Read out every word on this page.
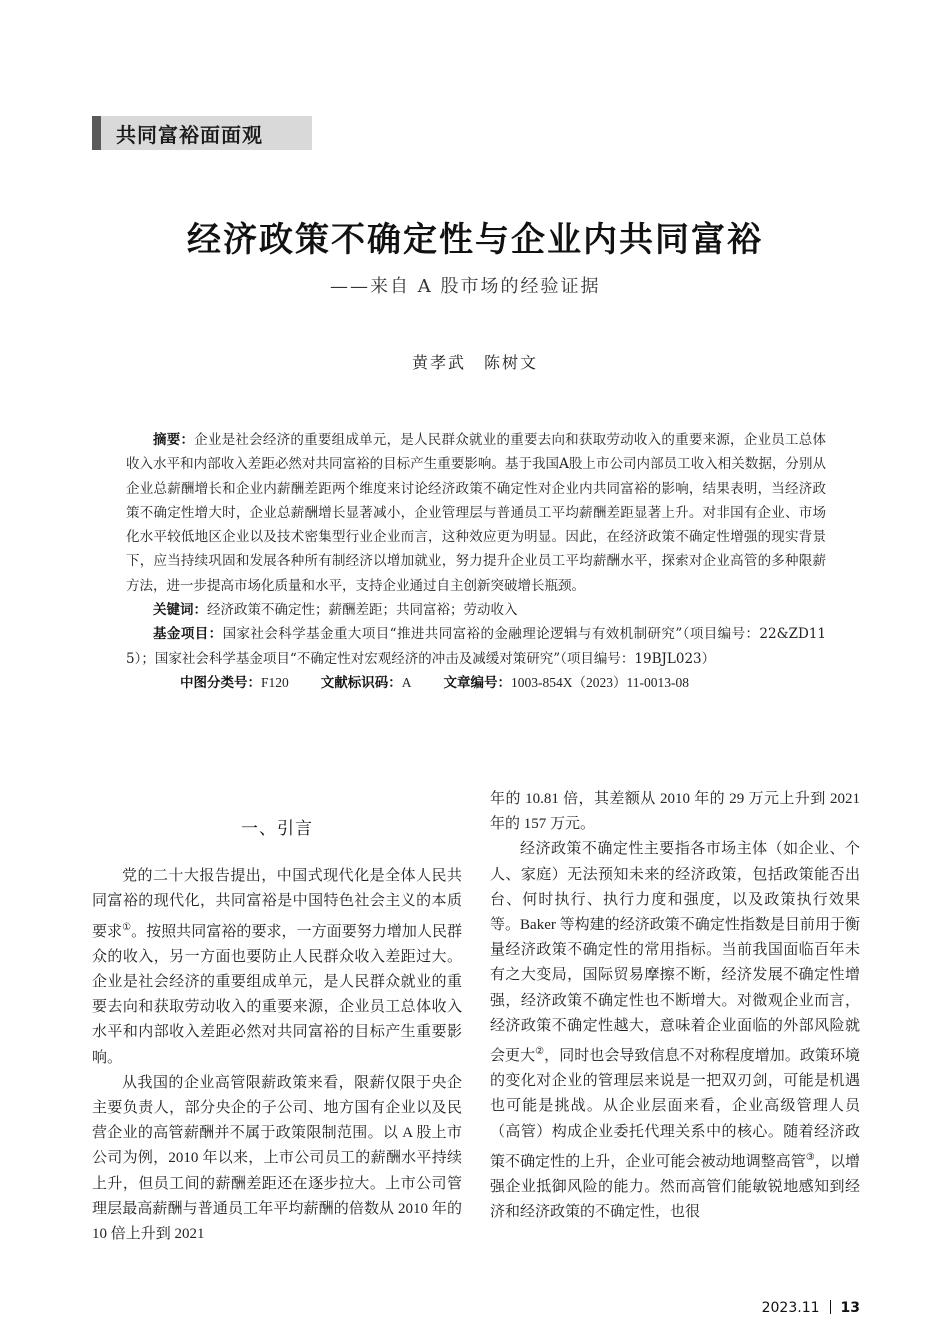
共同富裕面面观
经济政策不确定性与企业内共同富裕
——来自 A 股市场的经验证据
黄孝武　陈树文

摘要：企业是社会经济的重要组成单元，是人民群众就业的重要去向和获取劳动收入的重要来源，企业员工总体收入水平和内部收入差距必然对共同富裕的目标产生重要影响。基于我国A股上市公司内部员工收入相关数据，分别从企业总薪酬增长和企业内薪酬差距两个维度来讨论经济政策不确定性对企业内共同富裕的影响，结果表明，当经济政策不确定性增大时，企业总薪酬增长显著减小，企业管理层与普通员工平均薪酬差距显著上升。对非国有企业、市场化水平较低地区企业以及技术密集型行业企业而言，这种效应更为明显。因此，在经济政策不确定性增强的现实背景下，应当持续巩固和发展各种所有制经济以增加就业，努力提升企业员工平均薪酬水平，探索对企业高管的多种限薪方法，进一步提高市场化质量和水平，支持企业通过自主创新突破增长瓶颈。

关键词：经济政策不确定性；薪酬差距；共同富裕；劳动收入

基金项目：国家社会科学基金重大项目“推进共同富裕的金融理论逻辑与有效机制研究”（项目编号：22&ZD115）；国家社会科学基金项目“不确定性对宏观经济的冲击及减缓对策研究”（项目编号：19BJL023）

中图分类号：F120 文献标识码：A 文章编号：1003-854X（2023）11-0013-08

一、引言

党的二十大报告提出，中国式现代化是全体人民共同富裕的现代化，共同富裕是中国特色社会主义的本质要求①。按照共同富裕的要求，一方面要努力增加人民群众的收入，另一方面也要防止人民群众收入差距过大。企业是社会经济的重要组成单元，是人民群众就业的重要去向和获取劳动收入的重要来源，企业员工总体收入水平和内部收入差距必然对共同富裕的目标产生重要影响。

从我国的企业高管限薪政策来看，限薪仅限于央企主要负责人，部分央企的子公司、地方国有企业以及民营企业的高管薪酬并不属于政策限制范围。以 A 股上市公司为例，2010 年以来，上市公司员工的薪酬水平持续上升，但员工间的薪酬差距还在逐步拉大。上市公司管理层最高薪酬与普通员工年平均薪酬的倍数从 2010 年的 10 倍上升到 2021

年的 10.81 倍，其差额从 2010 年的 29 万元上升到 2021 年的 157 万元。

经济政策不确定性主要指各市场主体（如企业、个人、家庭）无法预知未来的经济政策，包括政策能否出台、何时执行、执行力度和强度，以及政策执行效果等。Baker 等构建的经济政策不确定性指数是目前用于衡量经济政策不确定性的常用指标。当前我国面临百年未有之大变局，国际贸易摩擦不断，经济发展不确定性增强，经济政策不确定性也不断增大。对微观企业而言，经济政策不确定性越大，意味着企业面临的外部风险就会更大②，同时也会导致信息不对称程度增加。政策环境的变化对企业的管理层来说是一把双刃剑，可能是机遇也可能是挑战。从企业层面来看，企业高级管理人员（高管）构成企业委托代理关系中的核心。随着经济政策不确定性的上升，企业可能会被动地调整高管③，以增强企业抵御风险的能力。然而高管们能敏锐地感知到经济和经济政策的不确定性，也很

2023.11 13
